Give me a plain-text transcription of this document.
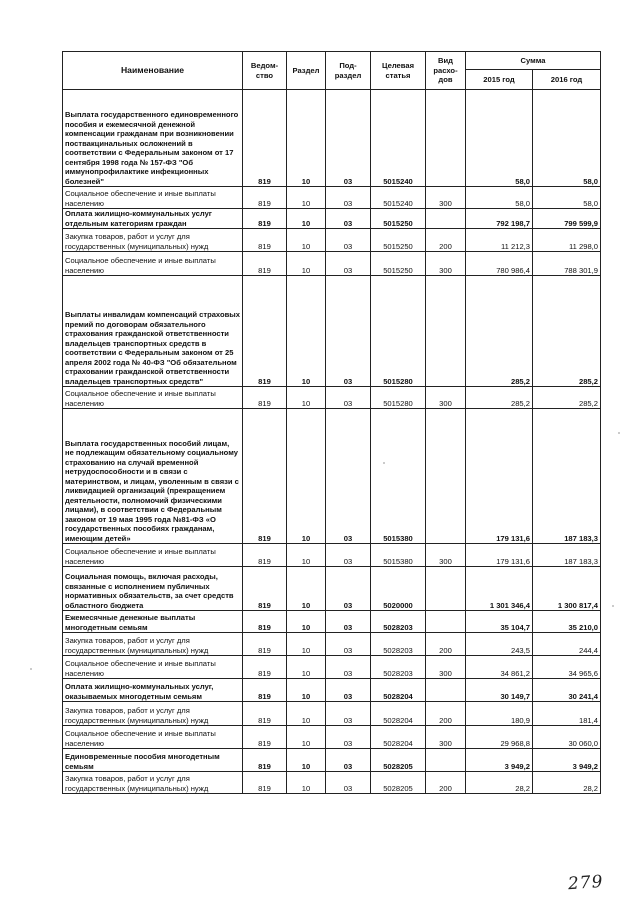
Наименование	Ведом-ство	Раздел	Под-раздел	Целевая статья	Вид расхо-дов	Сумма	
						2015 год	2016 год
Выплата государственного единовременного пособия и ежемесячной денежной компенсации гражданам при возникновении поствакцинальных осложнений в соответствии с Федеральным законом от 17 сентября 1998 года № 157-ФЗ "Об иммунопрофилактике инфекционных болезней"	819	10	03	5015240		58,0	58,0
Социальное обеспечение и иные выплаты населению	819	10	03	5015240	300	58,0	58,0
Оплата жилищно-коммунальных услуг отдельным категориям граждан	819	10	03	5015250		792 198,7	799 599,9
Закупка товаров, работ и услуг для государственных (муниципальных) нужд	819	10	03	5015250	200	11 212,3	11 298,0
Социальное обеспечение и иные выплаты населению	819	10	03	5015250	300	780 986,4	788 301,9
Выплаты инвалидам компенсаций страховых премий по договорам обязательного страхования гражданской ответственности владельцев транспортных средств в соответствии с Федеральным законом от 25 апреля 2002 года № 40-ФЗ "Об обязательном страховании гражданской ответственности владельцев транспортных средств"	819	10	03	5015280		285,2	285,2
Социальное обеспечение и иные выплаты населению	819	10	03	5015280	300	285,2	285,2
Выплата государственных пособий лицам, не подлежащим обязательному социальному страхованию на случай временной нетрудоспособности и в связи с материнством, и лицам, уволенным в связи с ликвидацией организаций (прекращением деятельности, полномочий физическими лицами), в соответствии с Федеральным законом от 19 мая 1995 года №81-ФЗ «О государственных пособиях гражданам, имеющим детей»	819	10	03	5015380		179 131,6	187 183,3
Социальное обеспечение и иные выплаты населению	819	10	03	5015380	300	179 131,6	187 183,3
Социальная помощь, включая расходы, связанные с исполнением публичных нормативных обязательств, за счет средств областного бюджета	819	10	03	5020000		1 301 346,4	1 300 817,4
Ежемесячные денежные выплаты многодетным семьям	819	10	03	5028203		35 104,7	35 210,0
Закупка товаров, работ и услуг для государственных (муниципальных) нужд	819	10	03	5028203	200	243,5	244,4
Социальное обеспечение и иные выплаты населению	819	10	03	5028203	300	34 861,2	34 965,6
Оплата жилищно-коммунальных услуг, оказываемых многодетным семьям	819	10	03	5028204		30 149,7	30 241,4
Закупка товаров, работ и услуг для государственных (муниципальных) нужд	819	10	03	5028204	200	180,9	181,4
Социальное обеспечение и иные выплаты населению	819	10	03	5028204	300	29 968,8	30 060,0
Единовременные пособия многодетным семьям	819	10	03	5028205		3 949,2	3 949,2
Закупка товаров, работ и услуг для государственных (муниципальных) нужд	819	10	03	5028205	200	28,2	28,2
279
